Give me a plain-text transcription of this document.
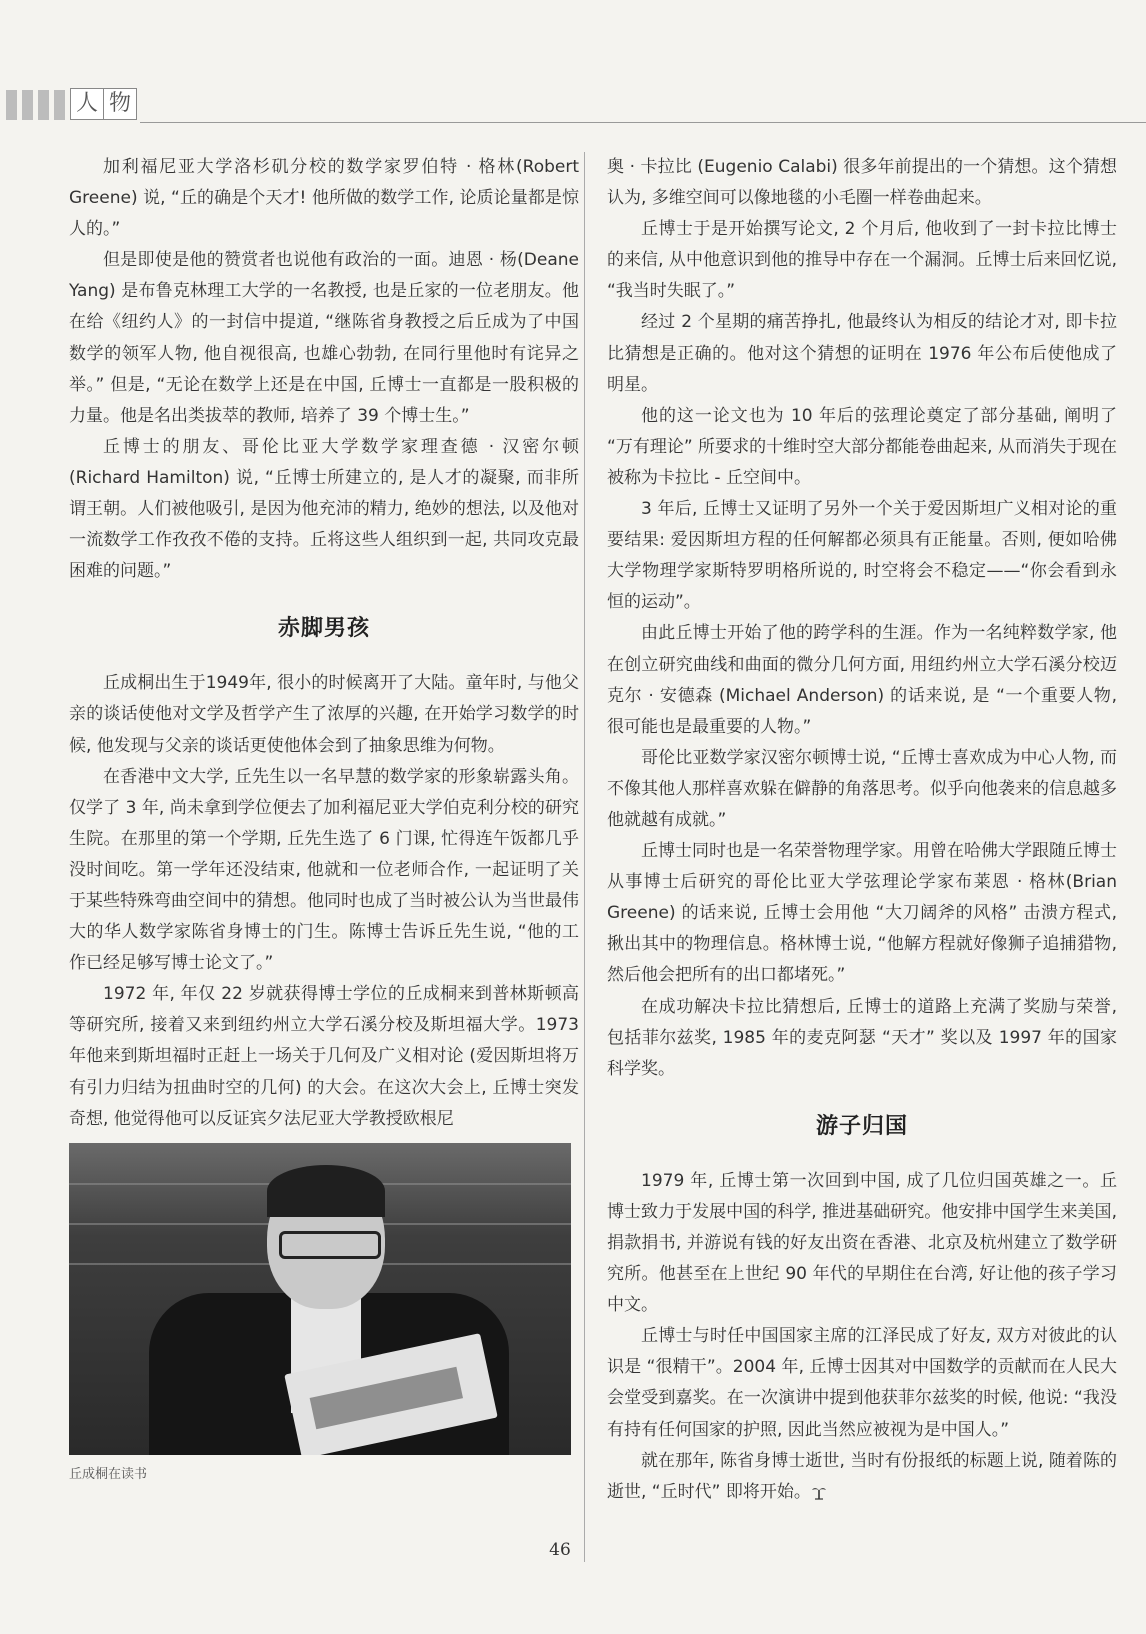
人 物

加利福尼亚大学洛杉矶分校的数学家罗伯特 · 格林(Robert Greene) 说, “丘的确是个天才! 他所做的数学工作, 论质论量都是惊人的。”

但是即使是他的赞赏者也说他有政治的一面。迪恩 · 杨(Deane Yang) 是布鲁克林理工大学的一名教授, 也是丘家的一位老朋友。他在给《纽约人》的一封信中提道, “继陈省身教授之后丘成为了中国数学的领军人物, 他自视很高, 也雄心勃勃, 在同行里他时有诧异之举。” 但是, “无论在数学上还是在中国, 丘博士一直都是一股积极的力量。他是名出类拔萃的教师, 培养了 39 个博士生。”

丘博士的朋友、哥伦比亚大学数学家理查德 · 汉密尔顿(Richard Hamilton) 说, “丘博士所建立的, 是人才的凝聚, 而非所谓王朝。人们被他吸引, 是因为他充沛的精力, 绝妙的想法, 以及他对一流数学工作孜孜不倦的支持。丘将这些人组织到一起, 共同攻克最困难的问题。”

赤脚男孩

丘成桐出生于1949年, 很小的时候离开了大陆。童年时, 与他父亲的谈话使他对文学及哲学产生了浓厚的兴趣, 在开始学习数学的时候, 他发现与父亲的谈话更使他体会到了抽象思维为何物。

在香港中文大学, 丘先生以一名早慧的数学家的形象崭露头角。仅学了 3 年, 尚未拿到学位便去了加利福尼亚大学伯克利分校的研究生院。在那里的第一个学期, 丘先生选了 6 门课, 忙得连午饭都几乎没时间吃。第一学年还没结束, 他就和一位老师合作, 一起证明了关于某些特殊弯曲空间中的猜想。他同时也成了当时被公认为当世最伟大的华人数学家陈省身博士的门生。陈博士告诉丘先生说, “他的工作已经足够写博士论文了。”

1972 年, 年仅 22 岁就获得博士学位的丘成桐来到普林斯顿高等研究所, 接着又来到纽约州立大学石溪分校及斯坦福大学。1973 年他来到斯坦福时正赶上一场关于几何及广义相对论 (爱因斯坦将万有引力归结为扭曲时空的几何) 的大会。在这次大会上, 丘博士突发奇想, 他觉得他可以反证宾夕法尼亚大学教授欧根尼

丘成桐在读书

奥 · 卡拉比 (Eugenio Calabi) 很多年前提出的一个猜想。这个猜想认为, 多维空间可以像地毯的小毛圈一样卷曲起来。

丘博士于是开始撰写论文, 2 个月后, 他收到了一封卡拉比博士的来信, 从中他意识到他的推导中存在一个漏洞。丘博士后来回忆说, “我当时失眠了。”

经过 2 个星期的痛苦挣扎, 他最终认为相反的结论才对, 即卡拉比猜想是正确的。他对这个猜想的证明在 1976 年公布后使他成了明星。

他的这一论文也为 10 年后的弦理论奠定了部分基础, 阐明了 “万有理论” 所要求的十维时空大部分都能卷曲起来, 从而消失于现在被称为卡拉比 - 丘空间中。

3 年后, 丘博士又证明了另外一个关于爱因斯坦广义相对论的重要结果: 爱因斯坦方程的任何解都必须具有正能量。否则, 便如哈佛大学物理学家斯特罗明格所说的, 时空将会不稳定——“你会看到永恒的运动”。

由此丘博士开始了他的跨学科的生涯。作为一名纯粹数学家, 他在创立研究曲线和曲面的微分几何方面, 用纽约州立大学石溪分校迈克尔 · 安德森 (Michael Anderson) 的话来说, 是 “一个重要人物, 很可能也是最重要的人物。”

哥伦比亚数学家汉密尔顿博士说, “丘博士喜欢成为中心人物, 而不像其他人那样喜欢躲在僻静的角落思考。似乎向他袭来的信息越多他就越有成就。”

丘博士同时也是一名荣誉物理学家。用曾在哈佛大学跟随丘博士从事博士后研究的哥伦比亚大学弦理论学家布莱恩 · 格林(Brian Greene) 的话来说, 丘博士会用他 “大刀阔斧的风格” 击溃方程式, 揪出其中的物理信息。格林博士说, “他解方程就好像狮子追捕猎物, 然后他会把所有的出口都堵死。”

在成功解决卡拉比猜想后, 丘博士的道路上充满了奖励与荣誉, 包括菲尔兹奖, 1985 年的麦克阿瑟 “天才” 奖以及 1997 年的国家科学奖。

游子归国

1979 年, 丘博士第一次回到中国, 成了几位归国英雄之一。丘博士致力于发展中国的科学, 推进基础研究。他安排中国学生来美国, 捐款捐书, 并游说有钱的好友出资在香港、北京及杭州建立了数学研究所。他甚至在上世纪 90 年代的早期住在台湾, 好让他的孩子学习中文。

丘博士与时任中国国家主席的江泽民成了好友, 双方对彼此的认识是 “很精干”。2004 年, 丘博士因其对中国数学的贡献而在人民大会堂受到嘉奖。在一次演讲中提到他获菲尔兹奖的时候, 他说: “我没有持有任何国家的护照, 因此当然应被视为是中国人。”

就在那年, 陈省身博士逝世, 当时有份报纸的标题上说, 随着陈的逝世, “丘时代” 即将开始。

46
